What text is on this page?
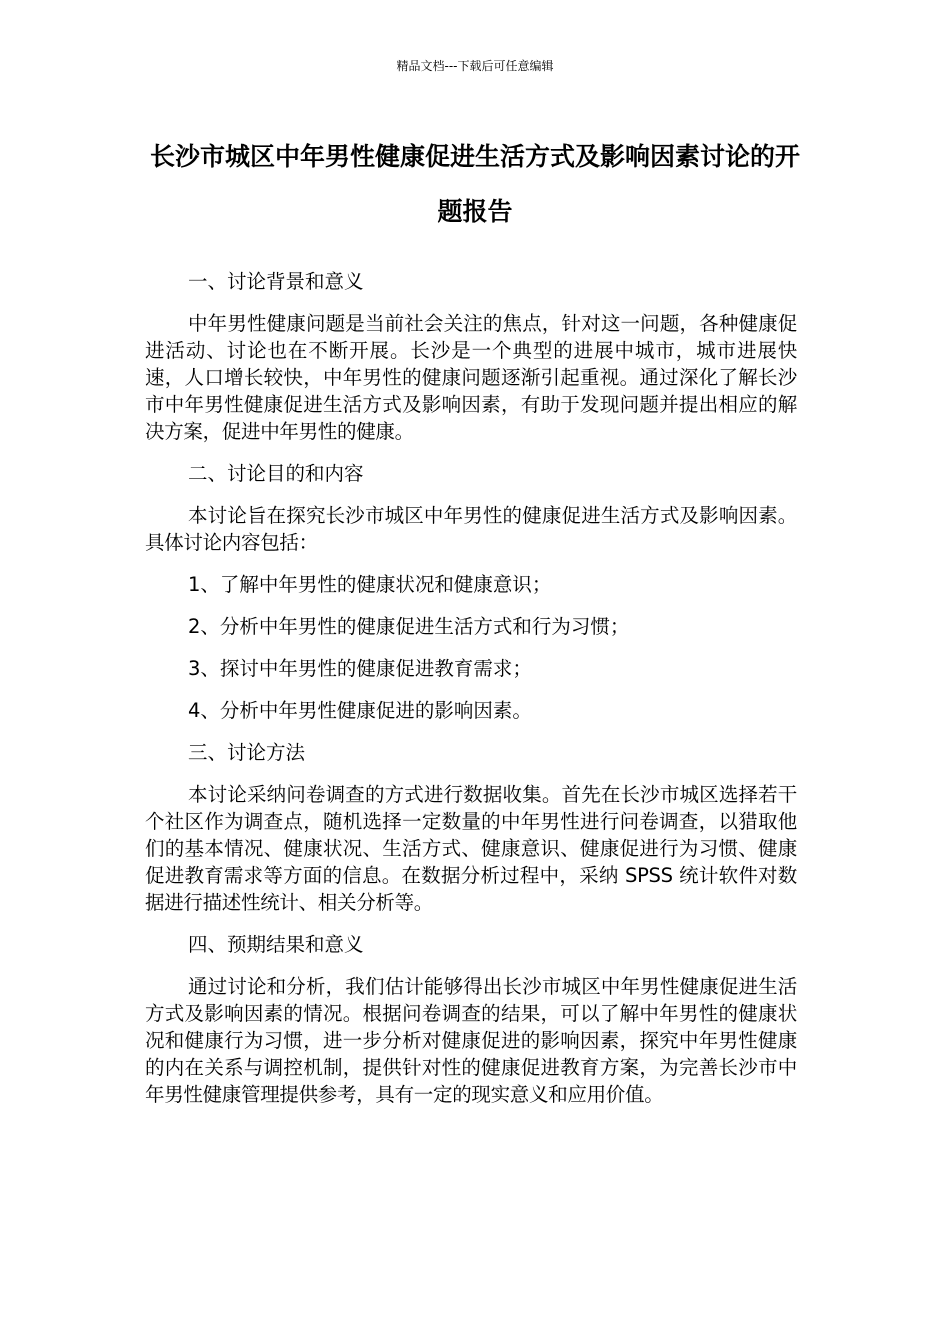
精品文档---下载后可任意编辑
长沙市城区中年男性健康促进生活方式及影响因素讨论的开题报告

一、讨论背景和意义

中年男性健康问题是当前社会关注的焦点，针对这一问题，各种健康促进活动、讨论也在不断开展。长沙是一个典型的进展中城市，城市进展快速，人口增长较快，中年男性的健康问题逐渐引起重视。通过深化了解长沙市中年男性健康促进生活方式及影响因素，有助于发现问题并提出相应的解决方案，促进中年男性的健康。

二、讨论目的和内容

本讨论旨在探究长沙市城区中年男性的健康促进生活方式及影响因素。具体讨论内容包括：

1、了解中年男性的健康状况和健康意识；

2、分析中年男性的健康促进生活方式和行为习惯；

3、探讨中年男性的健康促进教育需求；

4、分析中年男性健康促进的影响因素。

三、讨论方法

本讨论采纳问卷调查的方式进行数据收集。首先在长沙市城区选择若干个社区作为调查点，随机选择一定数量的中年男性进行问卷调查，以猎取他们的基本情况、健康状况、生活方式、健康意识、健康促进行为习惯、健康促进教育需求等方面的信息。在数据分析过程中，采纳 SPSS 统计软件对数据进行描述性统计、相关分析等。

四、预期结果和意义

通过讨论和分析，我们估计能够得出长沙市城区中年男性健康促进生活方式及影响因素的情况。根据问卷调查的结果，可以了解中年男性的健康状况和健康行为习惯，进一步分析对健康促进的影响因素，探究中年男性健康的内在关系与调控机制，提供针对性的健康促进教育方案，为完善长沙市中年男性健康管理提供参考，具有一定的现实意义和应用价值。
